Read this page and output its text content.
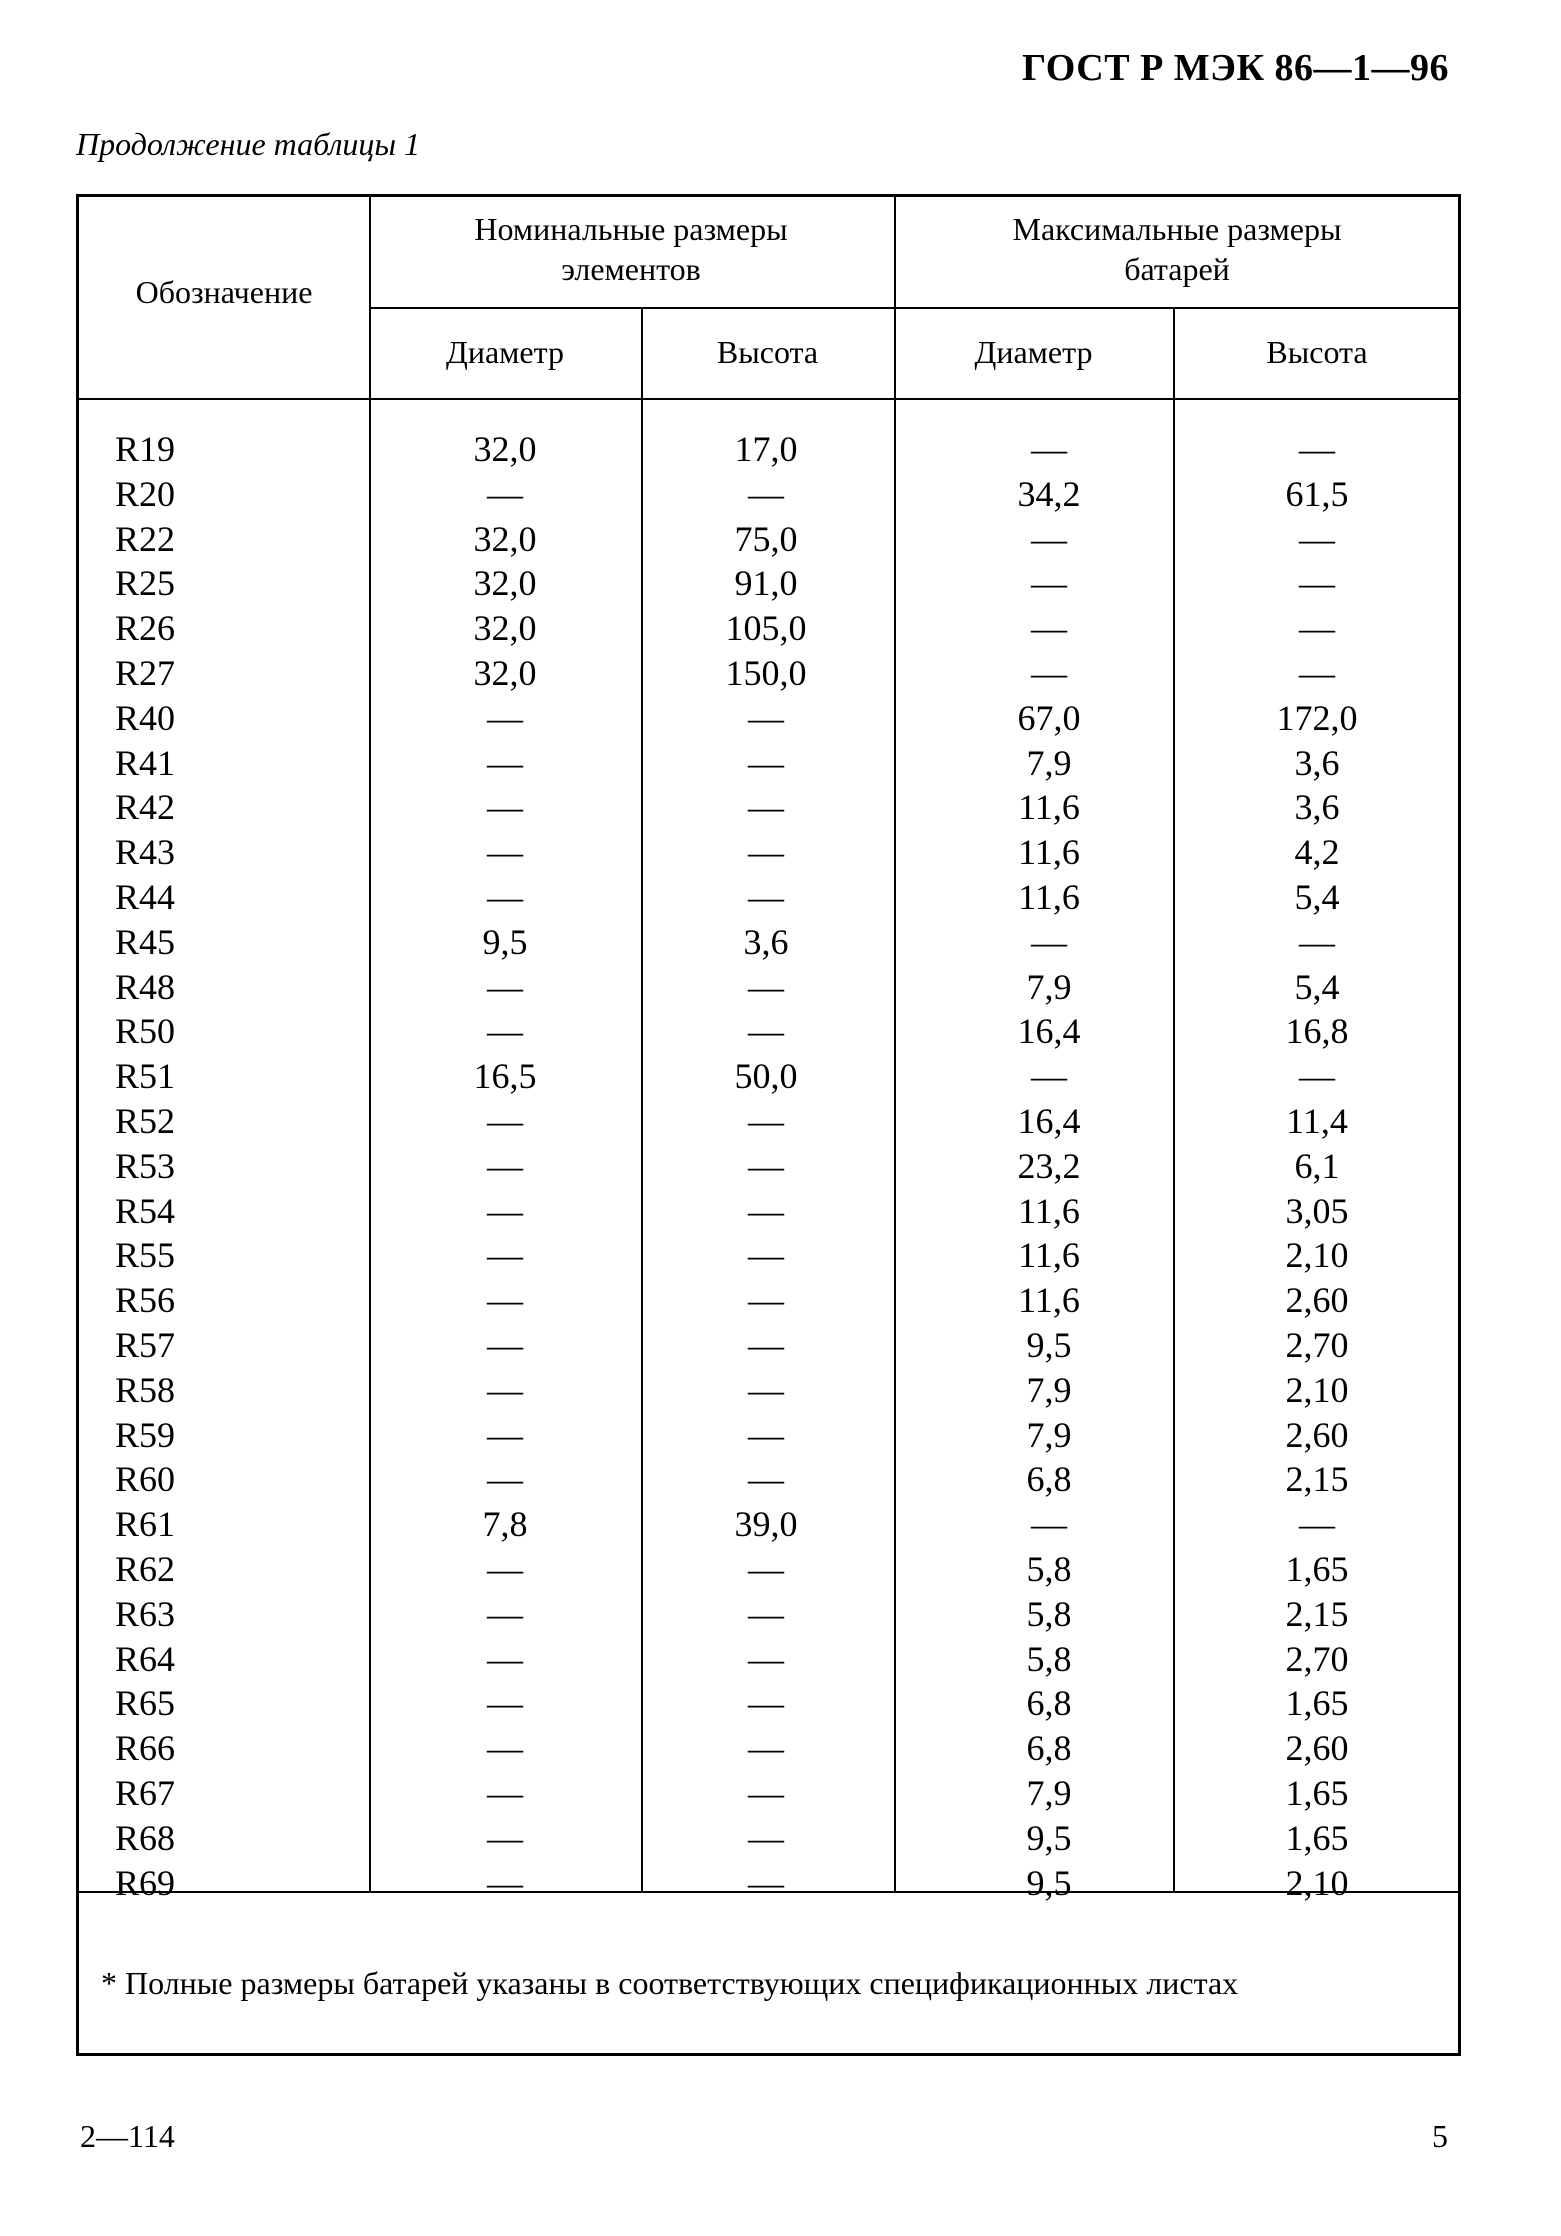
ГОСТ Р МЭК 86—1—96
Продолжение таблицы 1
Обозначение
Номинальные размеры элементов
Максимальные размеры батарей
Диаметр	Высота	Диаметр	Высота
R19	32,0	17,0	—	—
R20	—	—	34,2	61,5
R22	32,0	75,0	—	—
R25	32,0	91,0	—	—
R26	32,0	105,0	—	—
R27	32,0	150,0	—	—
R40	—	—	67,0	172,0
R41	—	—	7,9	3,6
R42	—	—	11,6	3,6
R43	—	—	11,6	4,2
R44	—	—	11,6	5,4
R45	9,5	3,6	—	—
R48	—	—	7,9	5,4
R50	—	—	16,4	16,8
R51	16,5	50,0	—	—
R52	—	—	16,4	11,4
R53	—	—	23,2	6,1
R54	—	—	11,6	3,05
R55	—	—	11,6	2,10
R56	—	—	11,6	2,60
R57	—	—	9,5	2,70
R58	—	—	7,9	2,10
R59	—	—	7,9	2,60
R60	—	—	6,8	2,15
R61	7,8	39,0	—	—
R62	—	—	5,8	1,65
R63	—	—	5,8	2,15
R64	—	—	5,8	2,70
R65	—	—	6,8	1,65
R66	—	—	6,8	2,60
R67	—	—	7,9	1,65
R68	—	—	9,5	1,65
R69	—	—	9,5	2,10
* Полные размеры батарей указаны в соответствующих спецификационных листах
2—114	5
